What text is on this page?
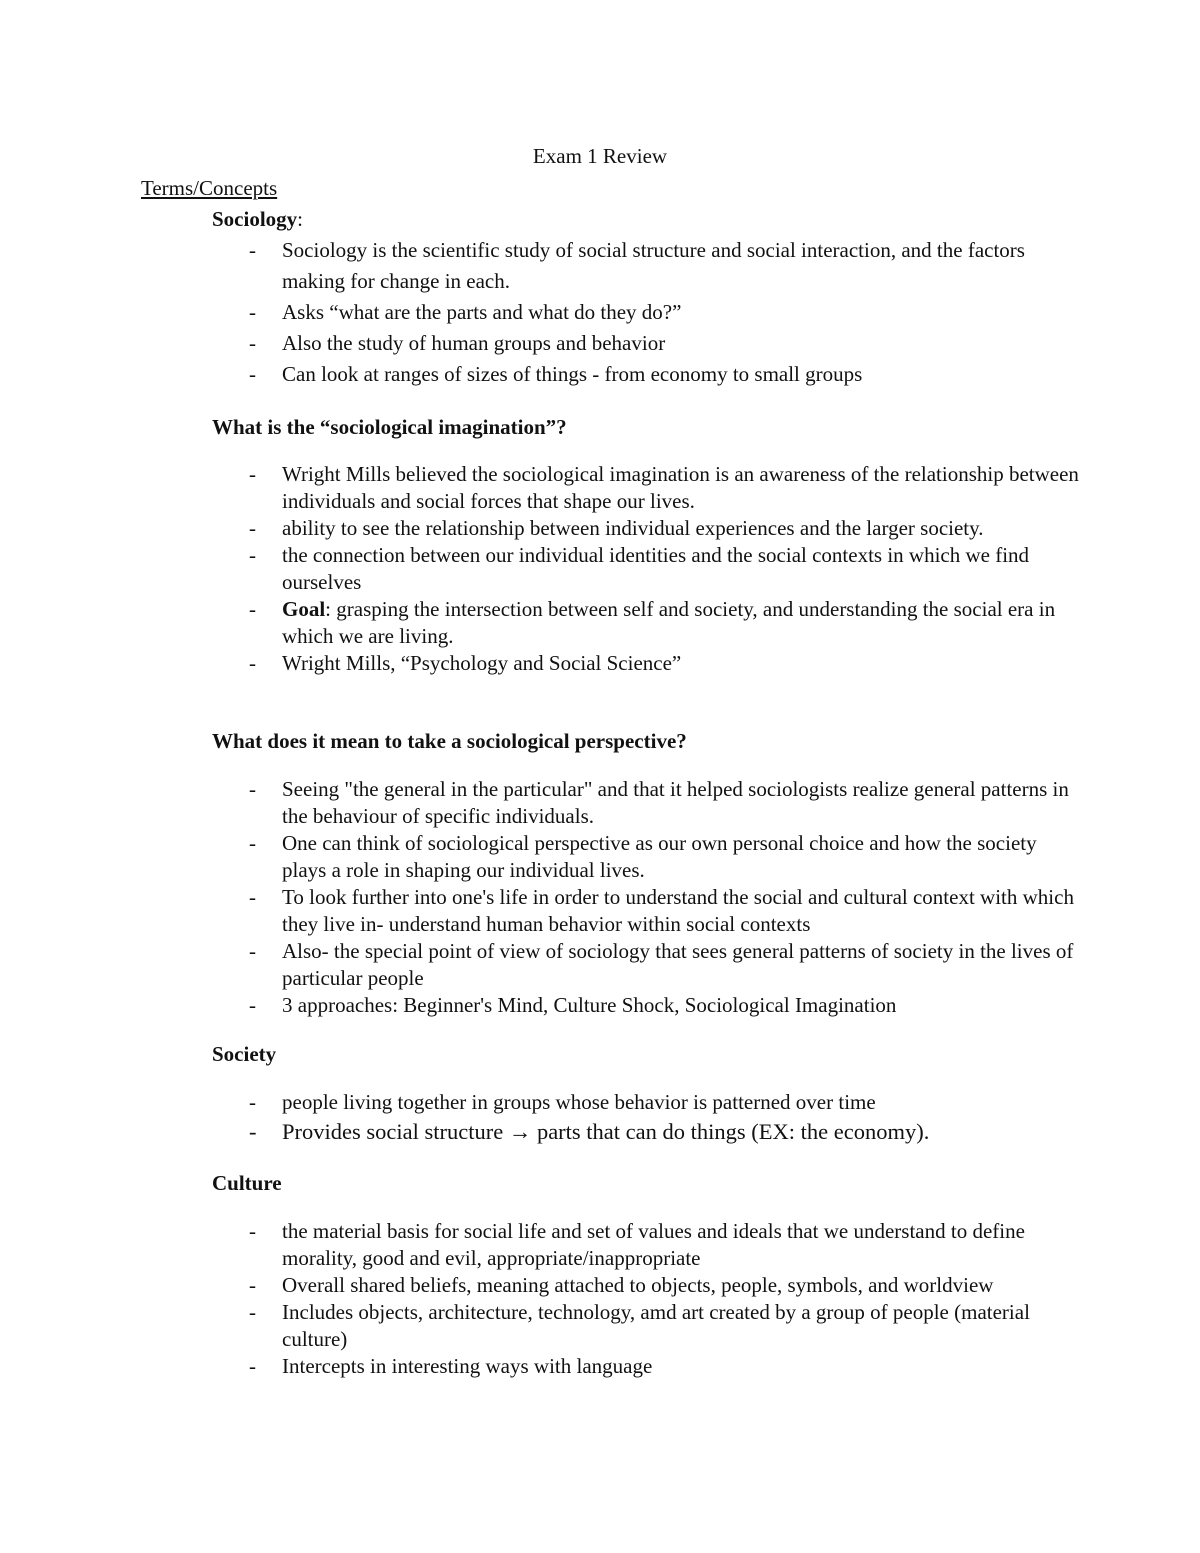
Exam 1 Review
Terms/Concepts
Sociology:
- Sociology is the scientific study of social structure and social interaction, and the factors making for change in each.
- Asks “what are the parts and what do they do?”
- Also the study of human groups and behavior
- Can look at ranges of sizes of things - from economy to small groups
What is the “sociological imagination”?
- Wright Mills believed the sociological imagination is an awareness of the relationship between individuals and social forces that shape our lives.
- ability to see the relationship between individual experiences and the larger society.
- the connection between our individual identities and the social contexts in which we find ourselves
- Goal: grasping the intersection between self and society, and understanding the social era in which we are living.
- Wright Mills, “Psychology and Social Science”
What does it mean to take a sociological perspective?
- Seeing "the general in the particular" and that it helped sociologists realize general patterns in the behaviour of specific individuals.
- One can think of sociological perspective as our own personal choice and how the society plays a role in shaping our individual lives.
- To look further into one's life in order to understand the social and cultural context with which they live in- understand human behavior within social contexts
- Also- the special point of view of sociology that sees general patterns of society in the lives of particular people
- 3 approaches: Beginner's Mind, Culture Shock, Sociological Imagination
Society
- people living together in groups whose behavior is patterned over time
- Provides social structure → parts that can do things (EX: the economy).
Culture
- the material basis for social life and set of values and ideals that we understand to define morality, good and evil, appropriate/inappropriate
- Overall shared beliefs, meaning attached to objects, people, symbols, and worldview
- Includes objects, architecture, technology, amd art created by a group of people (material culture)
- Intercepts in interesting ways with language
